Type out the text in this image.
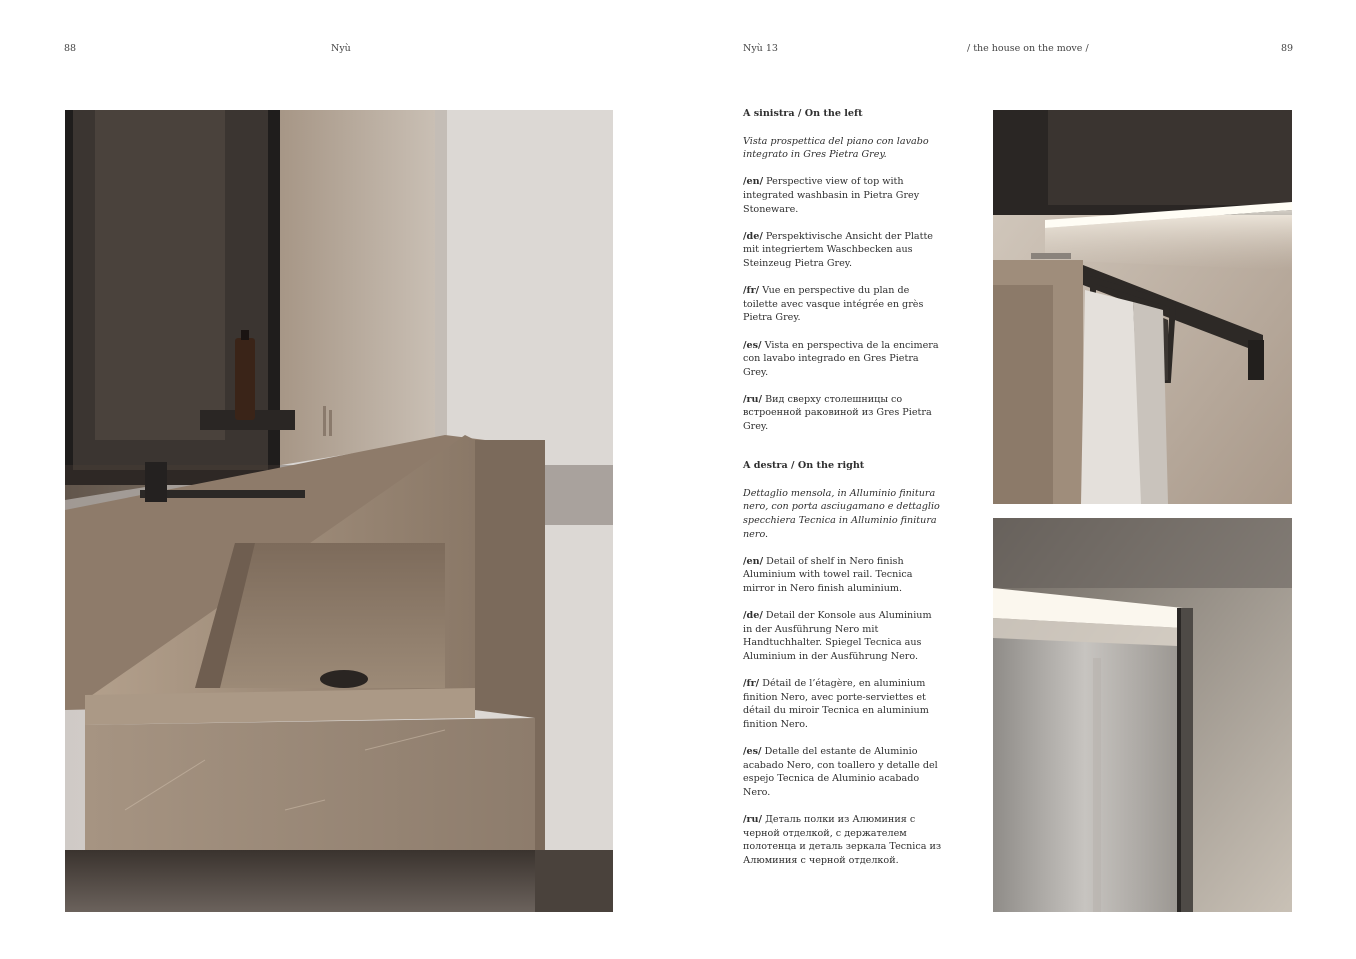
88	Nyù	Nyù 13	/ the house on the move /	89

A sinistra / On the left

Vista prospettica del piano con lavabo integrato in Gres Pietra Grey.

/en/ Perspective view of top with integrated washbasin in Pietra Grey Stoneware.

/de/ Perspektivische Ansicht der Platte mit integriertem Waschbecken aus Steinzeug Pietra Grey.

/fr/ Vue en perspective du plan de toilette avec vasque intégrée en grès Pietra Grey.

/es/ Vista en perspectiva de la encimera con lavabo integrado en Gres Pietra Grey.

/ru/ Вид сверху столешницы со встроенной раковиной из Gres Pietra Grey.

A destra / On the right

Dettaglio mensola, in Alluminio finitura nero, con porta asciugamano e dettaglio specchiera Tecnica in Alluminio finitura nero.

/en/ Detail of shelf in Nero finish Aluminium with towel rail. Tecnica mirror in Nero finish aluminium.

/de/ Detail der Konsole aus Aluminium in der Ausführung Nero mit Handtuchhalter. Spiegel Tecnica aus Aluminium in der Ausführung Nero.

/fr/ Détail de l’étagère, en aluminium finition Nero, avec porte-serviettes et détail du miroir Tecnica en aluminium finition Nero.

/es/ Detalle del estante de Aluminio acabado Nero, con toallero y detalle del espejo Tecnica de Aluminio acabado Nero.

/ru/ Деталь полки из Алюминия с черной отделкой, с держателем полотенца и деталь зеркала Tecnica из Алюминия с черной отделкой.
